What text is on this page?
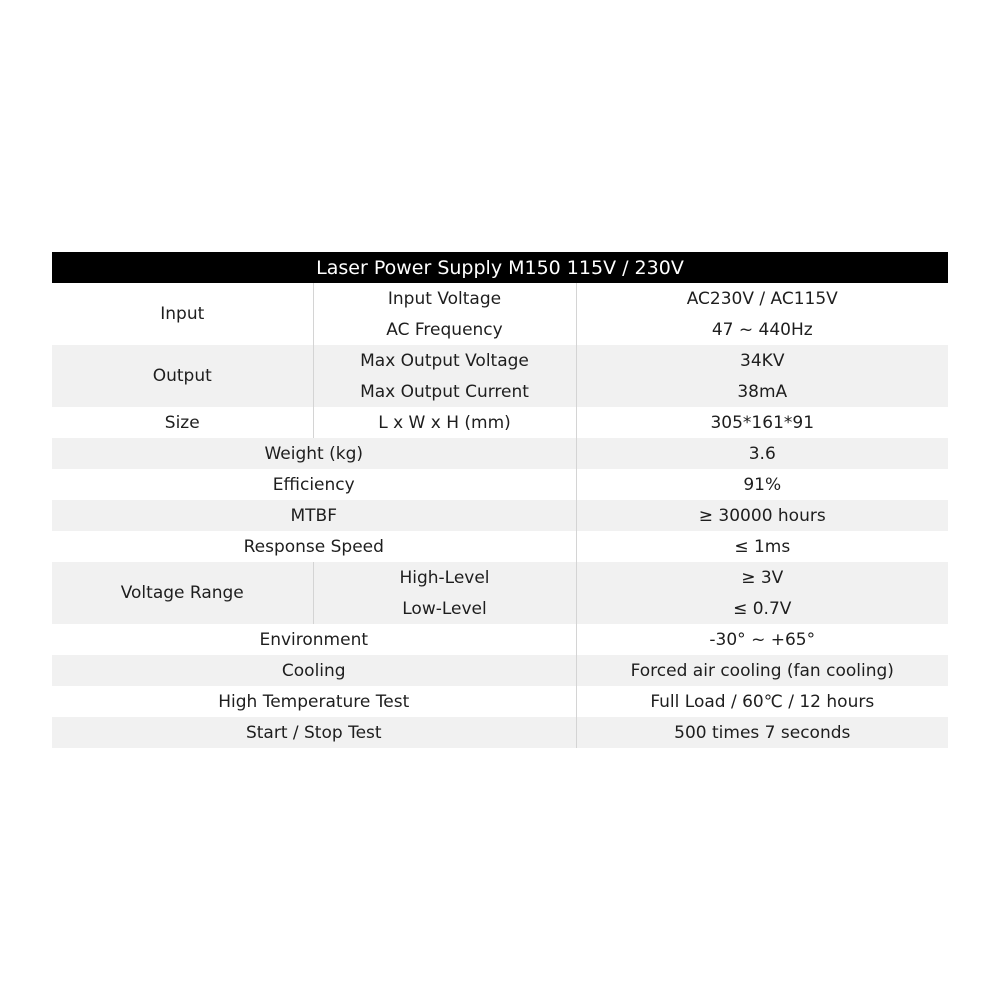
Laser Power Supply M150 115V / 230V		
Input	Input Voltage	AC230V / AC115V
	AC Frequency	47 ~ 440Hz
Output	Max Output Voltage	34KV
	Max Output Current	38mA
Size	L x W x H (mm)	305*161*91
Weight (kg)		3.6
Efficiency		91%
MTBF		≥ 30000 hours
Response Speed		≤ 1ms
Voltage Range	High-Level	≥ 3V
	Low-Level	≤ 0.7V
Environment		-30° ~ +65°
Cooling		Forced air cooling (fan cooling)
High Temperature Test		Full Load / 60℃ / 12 hours
Start / Stop Test		500 times 7 seconds
